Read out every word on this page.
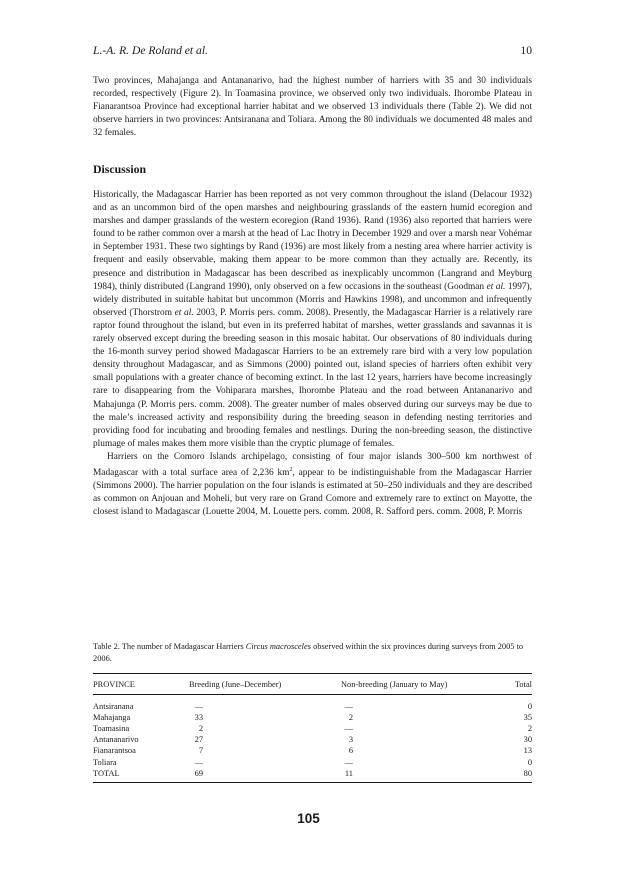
L.-A. R. De Roland et al.	10

Two provinces, Mahajanga and Antananarivo, had the highest number of harriers with 35 and 30 individuals recorded, respectively (Figure 2). In Toamasina province, we observed only two individuals. Ihorombe Plateau in Fianarantsoa Province had exceptional harrier habitat and we observed 13 individuals there (Table 2). We did not observe harriers in two provinces: Antsiranana and Toliara. Among the 80 individuals we documented 48 males and 32 females.

Discussion

Historically, the Madagascar Harrier has been reported as not very common throughout the island (Delacour 1932) and as an uncommon bird of the open marshes and neighbouring grasslands of the eastern humid ecoregion and marshes and damper grasslands of the western ecoregion (Rand 1936). Rand (1936) also reported that harriers were found to be rather common over a marsh at the head of Lac Ihotry in December 1929 and over a marsh near Vohémar in September 1931. These two sightings by Rand (1936) are most likely from a nesting area where harrier activity is frequent and easily observable, making them appear to be more common than they actually are. Recently, its presence and distribution in Madagascar has been described as inexplicably uncommon (Langrand and Meyburg 1984), thinly distributed (Langrand 1990), only observed on a few occasions in the southeast (Goodman et al. 1997), widely distributed in suitable habitat but uncommon (Morris and Hawkins 1998), and uncommon and infrequently observed (Thorstrom et al. 2003, P. Morris pers. comm. 2008). Presently, the Madagascar Harrier is a relatively rare raptor found throughout the island, but even in its preferred habitat of marshes, wetter grasslands and savannas it is rarely observed except during the breeding season in this mosaic habitat. Our observations of 80 individuals during the 16-month survey period showed Madagascar Harriers to be an extremely rare bird with a very low population density throughout Madagascar, and as Simmons (2000) pointed out, island species of harriers often exhibit very small populations with a greater chance of becoming extinct. In the last 12 years, harriers have become increasingly rare to disappearing from the Vohiparara marshes, Ihorombe Plateau and the road between Antananarivo and Mahajunga (P. Morris pers. comm. 2008). The greater number of males observed during our surveys may be due to the male’s increased activity and responsibility during the breeding season in defending nesting territories and providing food for incubating and brooding females and nestlings. During the non-breeding season, the distinctive plumage of males makes them more visible than the cryptic plumage of females.

Harriers on the Comoro Islands archipelago, consisting of four major islands 300–500 km northwest of Madagascar with a total surface area of 2,236 $km^2$, appear to be indistinguishable from the Madagascar Harrier (Simmons 2000). The harrier population on the four islands is estimated at 50–250 individuals and they are described as common on Anjouan and Moheli, but very rare on Grand Comore and extremely rare to extinct on Mayotte, the closest island to Madagascar (Louette 2004, M. Louette pers. comm. 2008, R. Safford pers. comm. 2008, P. Morris

Table 2. The number of Madagascar Harriers Circus macrosceles observed within the six provinces during surveys from 2005 to 2006.

PROVINCE	Breeding (June–December)	Non-breeding (January to May)	Total
Antsiranana	—	—	0
Mahajanga	33	2	35
Toamasina	2	—	2
Antananarivo	27	3	30
Fianarantsoa	7	6	13
Toliara	—	—	0
TOTAL	69	11	80
105
